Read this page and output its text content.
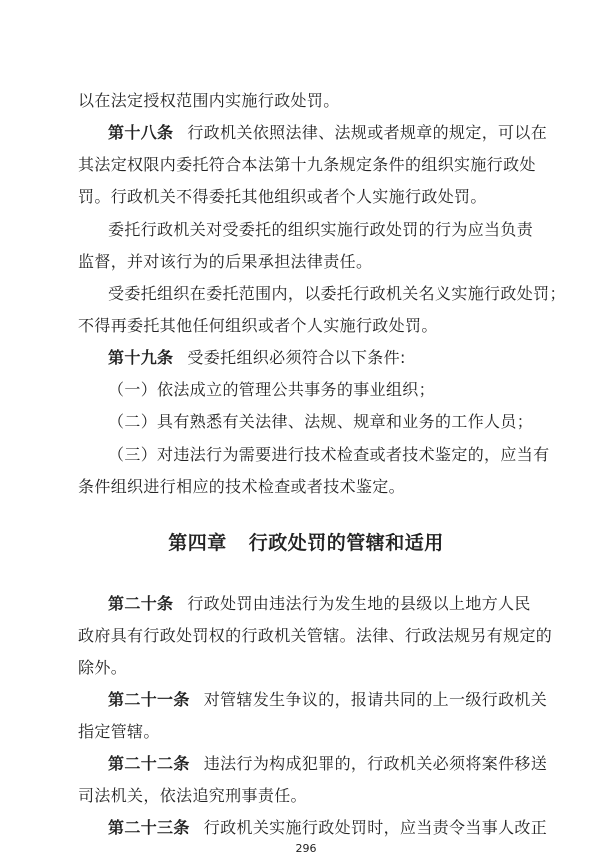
以在法定授权范围内实施行政处罚。
第十八条 行政机关依照法律、法规或者规章的规定，可以在
其法定权限内委托符合本法第十九条规定条件的组织实施行政处
罚。行政机关不得委托其他组织或者个人实施行政处罚。
委托行政机关对受委托的组织实施行政处罚的行为应当负责
监督，并对该行为的后果承担法律责任。
受委托组织在委托范围内，以委托行政机关名义实施行政处罚；
不得再委托其他任何组织或者个人实施行政处罚。
第十九条 受委托组织必须符合以下条件:
（一）依法成立的管理公共事务的事业组织；
（二）具有熟悉有关法律、法规、规章和业务的工作人员；
（三）对违法行为需要进行技术检查或者技术鉴定的，应当有
条件组织进行相应的技术检查或者技术鉴定。
第四章 行政处罚的管辖和适用
第二十条 行政处罚由违法行为发生地的县级以上地方人民
政府具有行政处罚权的行政机关管辖。法律、行政法规另有规定的
除外。
第二十一条 对管辖发生争议的，报请共同的上一级行政机关
指定管辖。
第二十二条 违法行为构成犯罪的，行政机关必须将案件移送
司法机关，依法追究刑事责任。
第二十三条 行政机关实施行政处罚时，应当责令当事人改正
296
